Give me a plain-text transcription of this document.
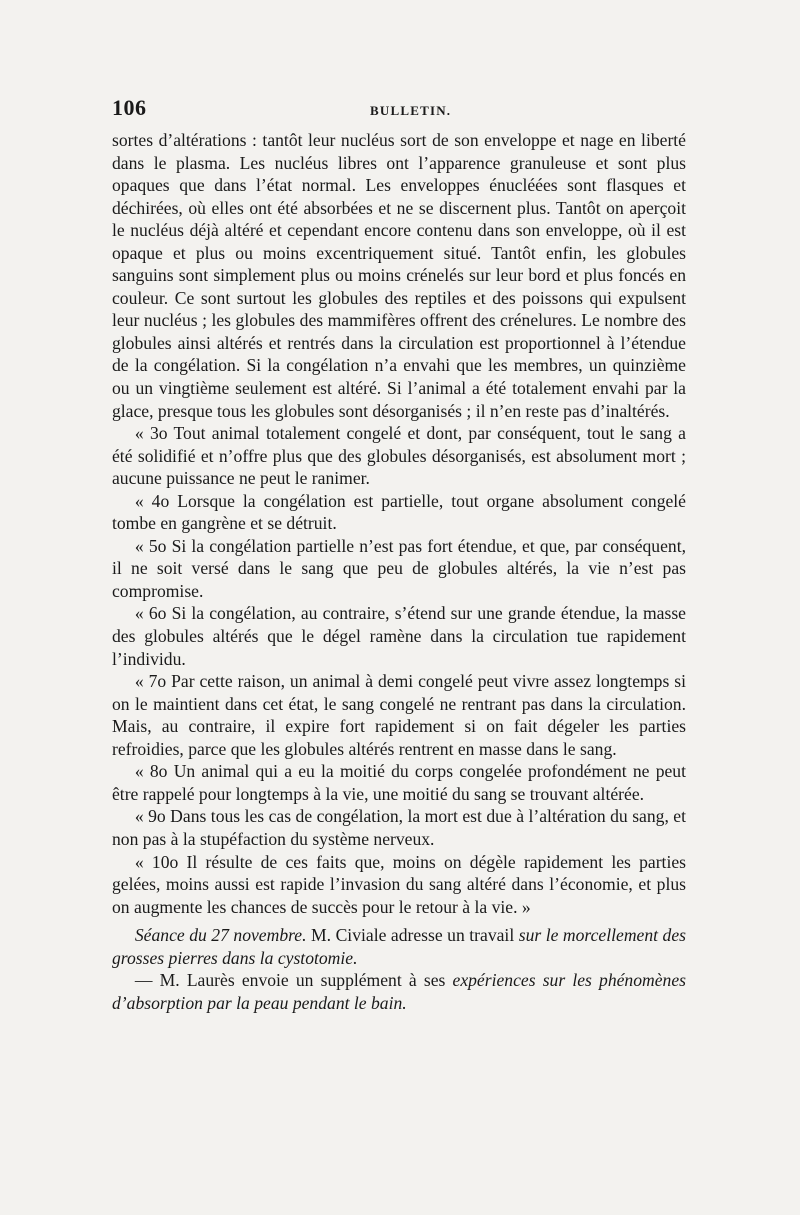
106	BULLETIN.

sortes d’altérations : tantôt leur nucléus sort de son enveloppe et nage en liberté dans le plasma. Les nucléus libres ont l’apparence granuleuse et sont plus opaques que dans l’état normal. Les enveloppes énucléées sont flasques et déchirées, où elles ont été absorbées et ne se discernent plus. Tantôt on aperçoit le nucléus déjà altéré et cependant encore contenu dans son enveloppe, où il est opaque et plus ou moins excentriquement situé. Tantôt enfin, les globules sanguins sont simplement plus ou moins crénelés sur leur bord et plus foncés en couleur. Ce sont surtout les globules des reptiles et des poissons qui expulsent leur nucléus ; les globules des mammifères offrent des crénelures. Le nombre des globules ainsi altérés et rentrés dans la circulation est proportionnel à l’étendue de la congélation. Si la congélation n’a envahi que les membres, un quinzième ou un vingtième seulement est altéré. Si l’animal a été totalement envahi par la glace, presque tous les globules sont désorganisés ; il n’en reste pas d’inaltérés.

« 3o Tout animal totalement congelé et dont, par conséquent, tout le sang a été solidifié et n’offre plus que des globules désorganisés, est absolument mort ; aucune puissance ne peut le ranimer.

« 4o Lorsque la congélation est partielle, tout organe absolument congelé tombe en gangrène et se détruit.

« 5o Si la congélation partielle n’est pas fort étendue, et que, par conséquent, il ne soit versé dans le sang que peu de globules altérés, la vie n’est pas compromise.

« 6o Si la congélation, au contraire, s’étend sur une grande étendue, la masse des globules altérés que le dégel ramène dans la circulation tue rapidement l’individu.

« 7o Par cette raison, un animal à demi congelé peut vivre assez longtemps si on le maintient dans cet état, le sang congelé ne rentrant pas dans la circulation. Mais, au contraire, il expire fort rapidement si on fait dégeler les parties refroidies, parce que les globules altérés rentrent en masse dans le sang.

« 8o Un animal qui a eu la moitié du corps congelée profondément ne peut être rappelé pour longtemps à la vie, une moitié du sang se trouvant altérée.

« 9o Dans tous les cas de congélation, la mort est due à l’altération du sang, et non pas à la stupéfaction du système nerveux.

« 10o Il résulte de ces faits que, moins on dégèle rapidement les parties gelées, moins aussi est rapide l’invasion du sang altéré dans l’économie, et plus on augmente les chances de succès pour le retour à la vie. »

Séance du 27 novembre. M. Civiale adresse un travail sur le morcellement des grosses pierres dans la cystotomie.

— M. Laurès envoie un supplément à ses expériences sur les phénomènes d’absorption par la peau pendant le bain.
